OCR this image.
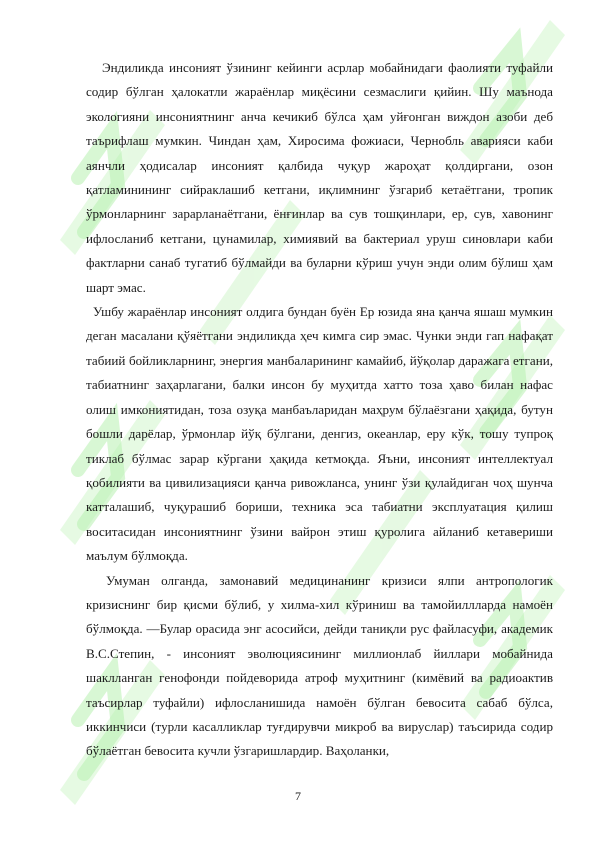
Эндиликда инсоният ўзининг кейинги асрлар мобайнидаги фаолияти туфайли содир бўлган ҳалокатли жараёнлар миқёсини сезмаслиги қийин. Шу маънода экологияни инсониятнинг анча кечикиб бўлса ҳам уйғонган виждон азоби деб таърифлаш мумкин. Чиндан ҳам, Хиросима фожиаси, Чернобль аварияси каби аянчли ҳодисалар инсоният қалбида чуқур жароҳат қолдиргани, озон қатламинининг сийраклашиб кетгани, иқлимнинг ўзгариб кетаётгани, тропик ўрмонларнинг зарарланаётгани, ёнғинлар ва сув тошқинлари, ер, сув, хавонинг ифлосланиб кетгани, цунамилар, химиявий ва бактериал уруш синовлари каби фактларни санаб тугатиб бўлмайди ва буларни кўриш учун энди олим бўлиш ҳам шарт эмас.

Ушбу жараёнлар инсоният олдига бундан буён Ер юзида яна қанча яшаш мумкин деган масалани қўяётгани эндиликда ҳеч кимга сир эмас. Чунки энди гап нафақат табиий бойликларнинг, энергия манбаларининг камайиб, йўқолар даражага етгани, табиатнинг заҳарлагани, балки инсон бу муҳитда хатто тоза ҳаво билан нафас олиш имкониятидан, тоза озуқа манбаъларидан маҳрум бўлаёзгани ҳақида, бутун бошли дарёлар, ўрмонлар йўқ бўлгани, денгиз, океанлар, еру кўк, тошу тупроқ тиклаб бўлмас зарар кўргани ҳақида кетмоқда. Яъни, инсоният интеллектуал қобилияти ва цивилизацияси қанча ривожланса, унинг ўзи қулайдиган чоҳ шунча катталашиб, чуқурашиб бориши, техника эса табиатни эксплуатация қилиш воситасидан инсониятнинг ўзини вайрон этиш қуролига айланиб кетавериши маълум бўлмоқда.

Умуман олганда, замонавий медицинанинг кризиси ялпи антропологик кризиснинг бир қисми бўлиб, у хилма-хил кўриниш ва тамойиллларда намоён бўлмоқда. ―Булар орасида энг асосийси, дейди таниқли рус файласуфи, академик В.С.Степин, - инсоният эволюциясининг миллионлаб йиллари мобайнида шаклланган генофонди пойдеворида атроф муҳитнинг (кимёвий ва радиоактив таъсирлар туфайли) ифлосланишида намоён бўлган бевосита сабаб бўлса, иккинчиси (турли касалликлар туғдирувчи микроб ва вируслар) таъсирида содир бўлаётган бевосита кучли ўзгаришлардир. Ваҳоланки,

7
